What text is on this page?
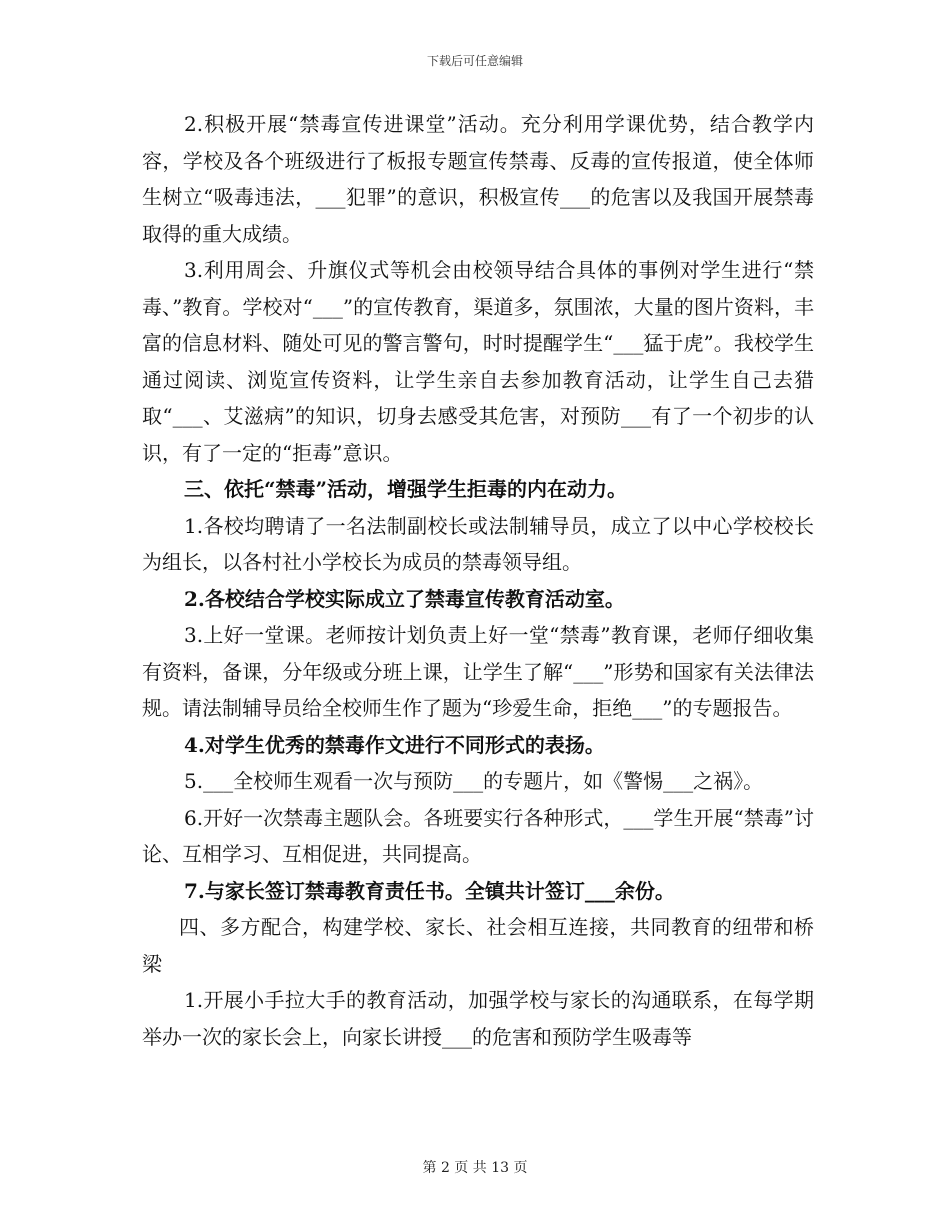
下载后可任意编辑

2.积极开展“禁毒宣传进课堂”活动。充分利用学课优势，结合教学内容，学校及各个班级进行了板报专题宣传禁毒、反毒的宣传报道，使全体师生树立“吸毒违法，___犯罪”的意识，积极宣传___的危害以及我国开展禁毒取得的重大成绩。

3.利用周会、升旗仪式等机会由校领导结合具体的事例对学生进行“禁毒、”教育。学校对“___”的宣传教育，渠道多，氛围浓，大量的图片资料，丰富的信息材料、随处可见的警言警句，时时提醒学生“___猛于虎”。我校学生通过阅读、浏览宣传资料，让学生亲自去参加教育活动，让学生自己去猎取“___、艾滋病”的知识，切身去感受其危害，对预防___有了一个初步的认识，有了一定的“拒毒”意识。

三、依托“禁毒”活动，增强学生拒毒的内在动力。

1.各校均聘请了一名法制副校长或法制辅导员，成立了以中心学校校长为组长，以各村社小学校长为成员的禁毒领导组。

2.各校结合学校实际成立了禁毒宣传教育活动室。

3.上好一堂课。老师按计划负责上好一堂“禁毒”教育课，老师仔细收集有资料，备课，分年级或分班上课，让学生了解“___”形势和国家有关法律法规。请法制辅导员给全校师生作了题为“珍爱生命，拒绝___”的专题报告。

4.对学生优秀的禁毒作文进行不同形式的表扬。

5.___全校师生观看一次与预防___的专题片，如《警惕___之祸》。

6.开好一次禁毒主题队会。各班要实行各种形式，___学生开展“禁毒”讨论、互相学习、互相促进，共同提高。

7.与家长签订禁毒教育责任书。全镇共计签订___余份。

四、多方配合，构建学校、家长、社会相互连接，共同教育的纽带和桥梁

1.开展小手拉大手的教育活动，加强学校与家长的沟通联系，在每学期举办一次的家长会上，向家长讲授___的危害和预防学生吸毒等

第 2 页 共 13 页
